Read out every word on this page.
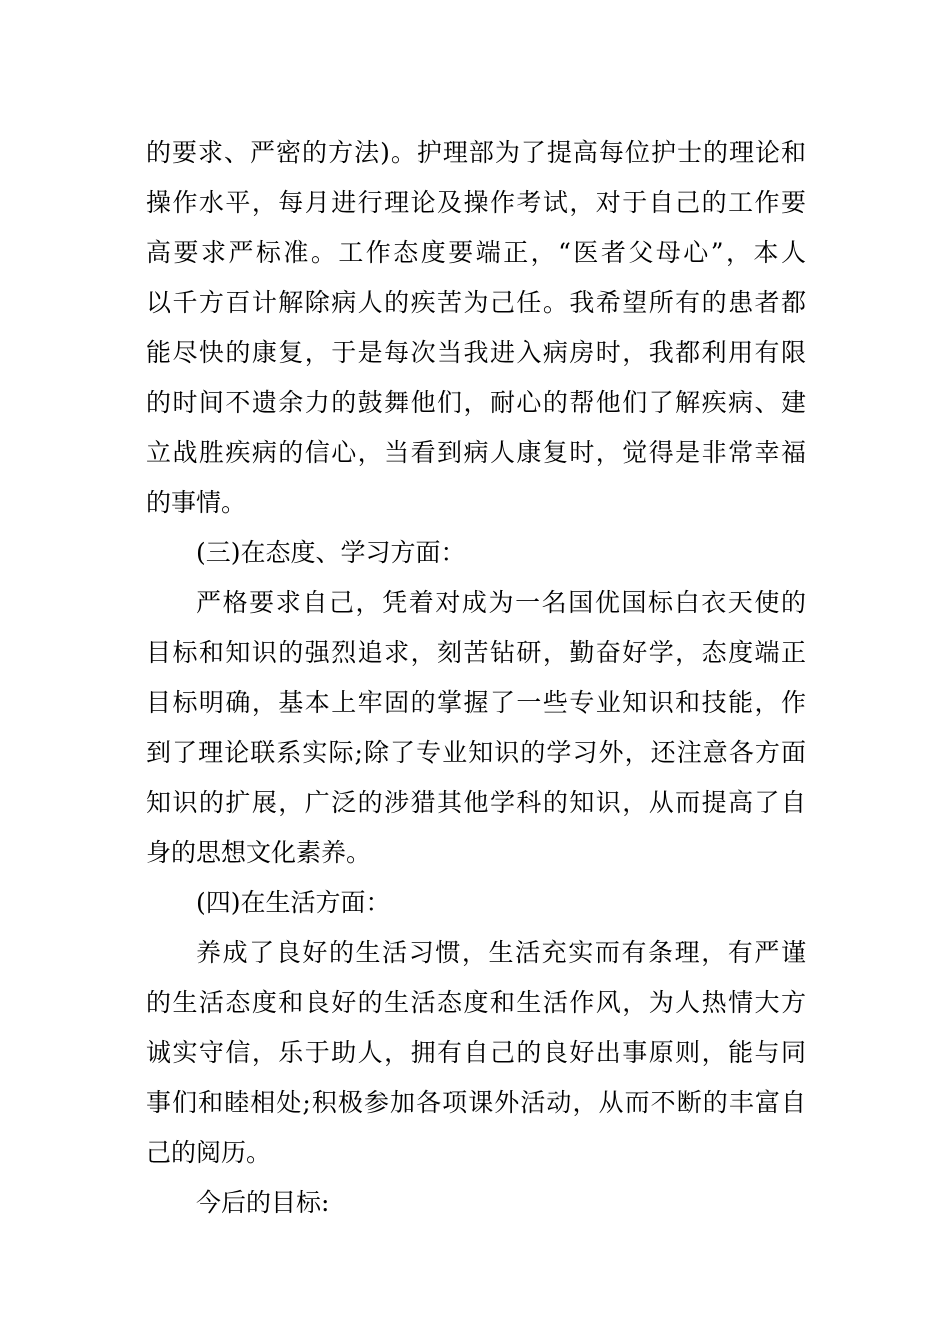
的要求、严密的方法)。护理部为了提高每位护士的理论和
操作水平，每月进行理论及操作考试，对于自己的工作要
高要求严标准。工作态度要端正，“医者父母心”，本人
以千方百计解除病人的疾苦为己任。我希望所有的患者都
能尽快的康复，于是每次当我进入病房时，我都利用有限
的时间不遗余力的鼓舞他们，耐心的帮他们了解疾病、建
立战胜疾病的信心，当看到病人康复时，觉得是非常幸福
的事情。
(三)在态度、学习方面：
严格要求自己，凭着对成为一名国优国标白衣天使的
目标和知识的强烈追求，刻苦钻研，勤奋好学，态度端正
目标明确，基本上牢固的掌握了一些专业知识和技能，作
到了理论联系实际;除了专业知识的学习外，还注意各方面
知识的扩展，广泛的涉猎其他学科的知识，从而提高了自
身的思想文化素养。
(四)在生活方面：
养成了良好的生活习惯，生活充实而有条理，有严谨
的生活态度和良好的生活态度和生活作风，为人热情大方
诚实守信，乐于助人，拥有自己的良好出事原则，能与同
事们和睦相处;积极参加各项课外活动，从而不断的丰富自
己的阅历。
今后的目标:
